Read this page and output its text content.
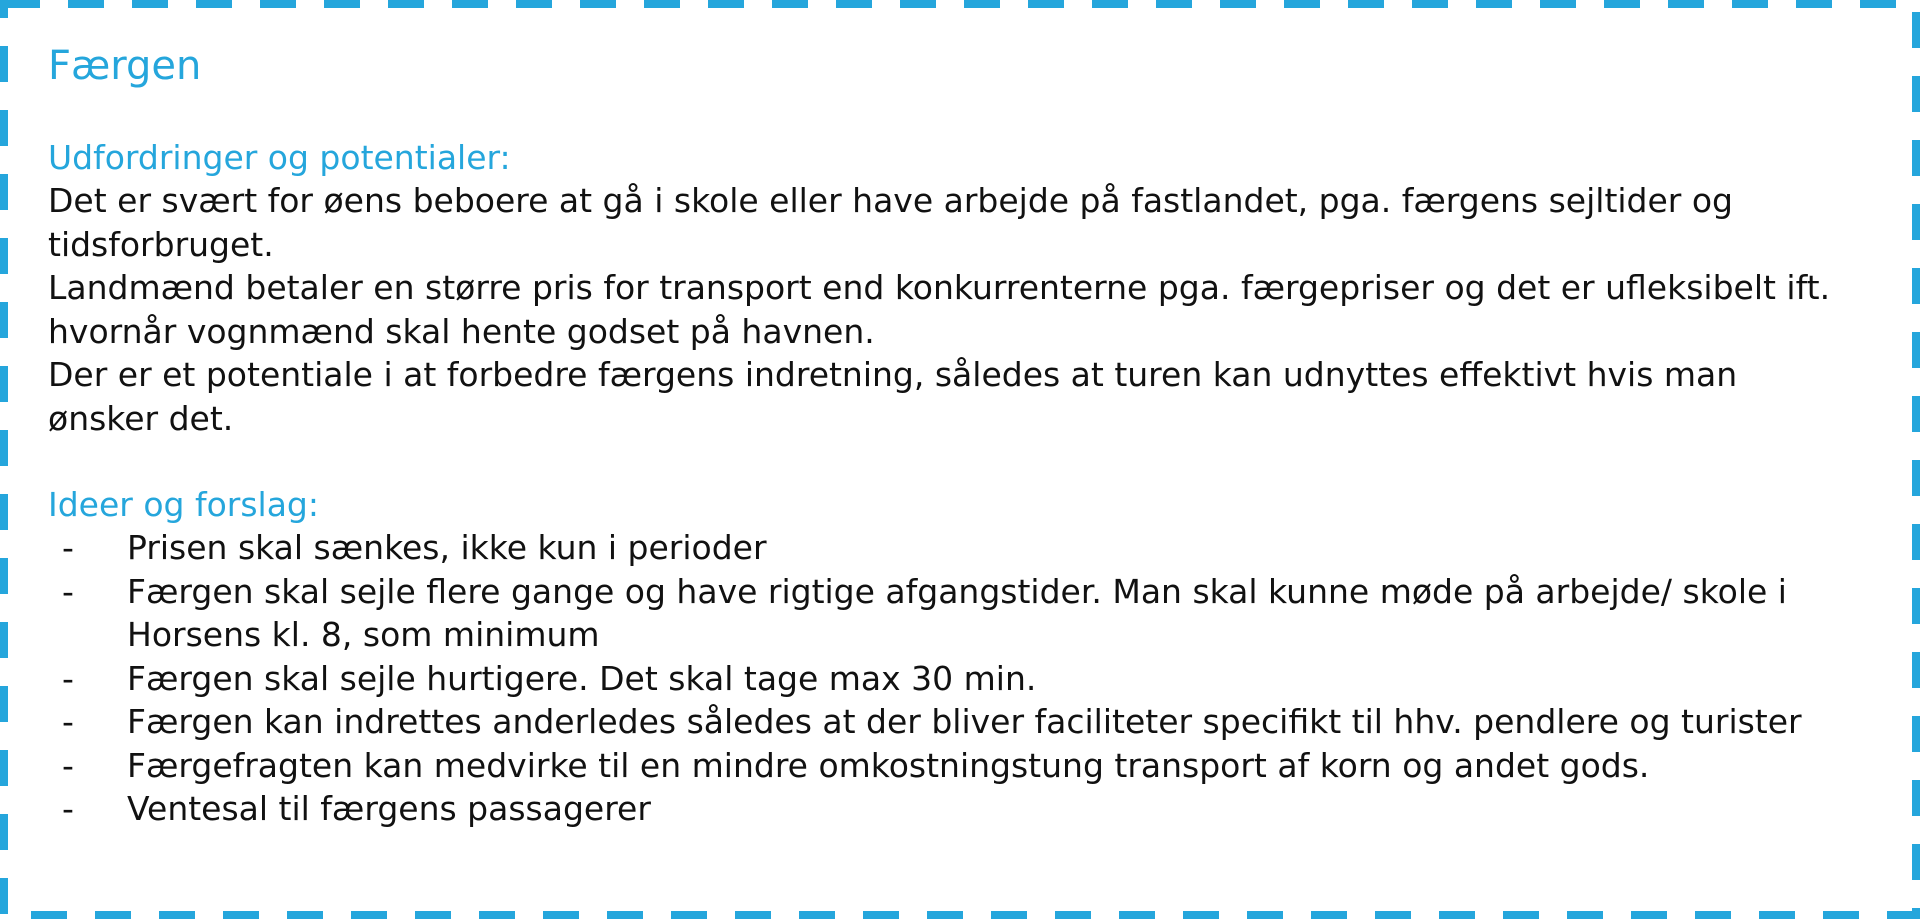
Færgen
Udfordringer og potentialer:

Det er svært for øens beboere at gå i skole eller have arbejde på fastlandet, pga. færgens sejltider og tidsforbruget.

Landmænd betaler en større pris for transport end konkurrenterne pga. færgepriser og det er ufleksibelt ift. hvornår vognmænd skal hente godset på havnen.

Der er et potentiale i at forbedre færgens indretning, således at turen kan udnyttes effektivt hvis man ønsker det.

Ideer og forslag:
- Prisen skal sænkes, ikke kun i perioder
- Færgen skal sejle flere gange og have rigtige afgangstider. Man skal kunne møde på arbejde/ skole i Horsens kl. 8, som minimum
- Færgen skal sejle hurtigere. Det skal tage max 30 min.
- Færgen kan indrettes anderledes således at der bliver faciliteter specifikt til hhv. pendlere og turister
- Færgefragten kan medvirke til en mindre omkostningstung transport af korn og andet gods.
- Ventesal til færgens passagerer
